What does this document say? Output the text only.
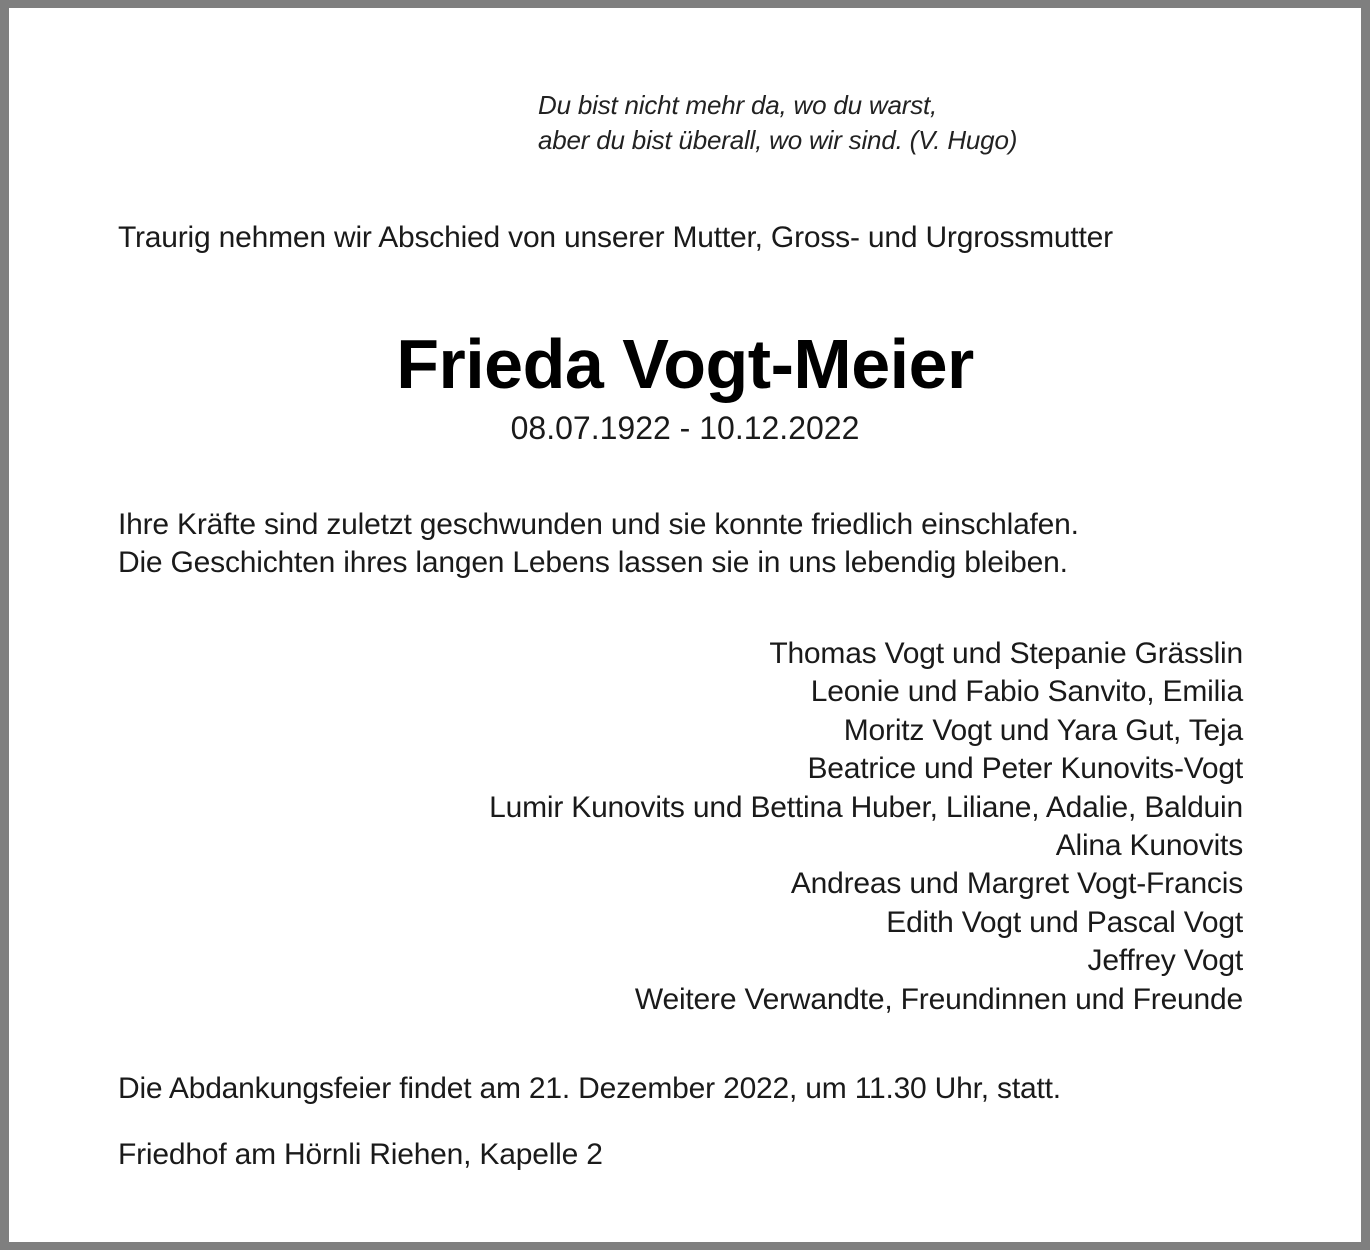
Du bist nicht mehr da, wo du warst,
aber du bist überall, wo wir sind. (V. Hugo)
Traurig nehmen wir Abschied von unserer Mutter, Gross- und Urgrossmutter
Frieda Vogt-Meier
08.07.1922 - 10.12.2022
Ihre Kräfte sind zuletzt geschwunden und sie konnte friedlich einschlafen.
Die Geschichten ihres langen Lebens lassen sie in uns lebendig bleiben.
Thomas Vogt und Stepanie Grässlin
Leonie und Fabio Sanvito, Emilia
Moritz Vogt und Yara Gut, Teja
Beatrice und Peter Kunovits-Vogt
Lumir Kunovits und Bettina Huber, Liliane, Adalie, Balduin
Alina Kunovits
Andreas und Margret Vogt-Francis
Edith Vogt und Pascal Vogt
Jeffrey Vogt
Weitere Verwandte, Freundinnen und Freunde
Die Abdankungsfeier findet am 21. Dezember 2022, um 11.30 Uhr, statt.
Friedhof am Hörnli Riehen, Kapelle 2
